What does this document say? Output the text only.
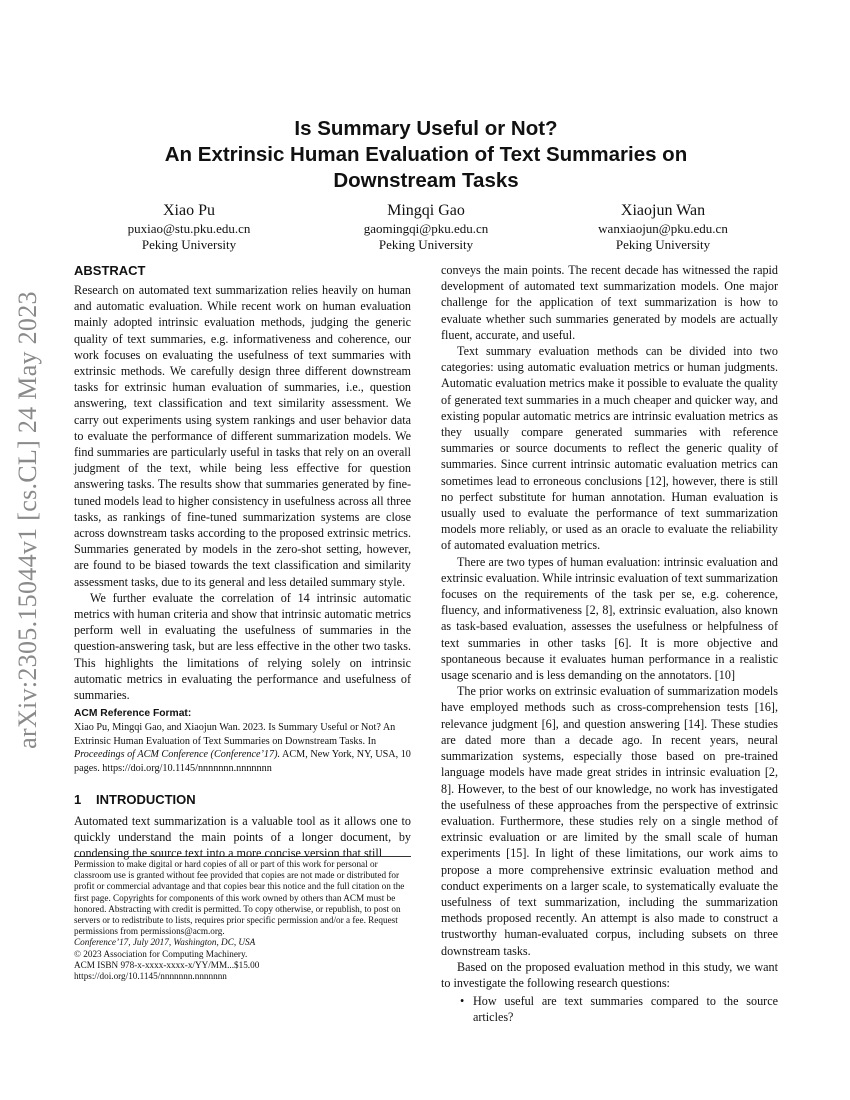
arXiv:2305.15044v1 [cs.CL] 24 May 2023
Is Summary Useful or Not?
An Extrinsic Human Evaluation of Text Summaries on
Downstream Tasks
Xiao Pu
puxiao@stu.pku.edu.cn
Peking University
Mingqi Gao
gaomingqi@pku.edu.cn
Peking University
Xiaojun Wan
wanxiaojun@pku.edu.cn
Peking University
ABSTRACT

Research on automated text summarization relies heavily on human and automatic evaluation. While recent work on human evaluation mainly adopted intrinsic evaluation methods, judging the generic quality of text summaries, e.g. informativeness and coherence, our work focuses on evaluating the usefulness of text summaries with extrinsic methods. We carefully design three different downstream tasks for extrinsic human evaluation of summaries, i.e., question answering, text classification and text similarity assessment. We carry out experiments using system rankings and user behavior data to evaluate the performance of different summarization models. We find summaries are particularly useful in tasks that rely on an overall judgment of the text, while being less effective for question answering tasks. The results show that summaries generated by fine-tuned models lead to higher consistency in usefulness across all three tasks, as rankings of fine-tuned summarization systems are close across downstream tasks according to the proposed extrinsic metrics. Summaries generated by models in the zero-shot setting, however, are found to be biased towards the text classification and similarity assessment tasks, due to its general and less detailed summary style.

We further evaluate the correlation of 14 intrinsic automatic metrics with human criteria and show that intrinsic automatic metrics perform well in evaluating the usefulness of summaries in the question-answering task, but are less effective in the other two tasks. This highlights the limitations of relying solely on intrinsic automatic metrics in evaluating the performance and usefulness of summaries.

ACM Reference Format:
Xiao Pu, Mingqi Gao, and Xiaojun Wan. 2023. Is Summary Useful or Not? An Extrinsic Human Evaluation of Text Summaries on Downstream Tasks. In Proceedings of ACM Conference (Conference’17). ACM, New York, NY, USA, 10 pages. https://doi.org/10.1145/nnnnnnn.nnnnnnn
1 INTRODUCTION

Automated text summarization is a valuable tool as it allows one to quickly understand the main points of a longer document, by condensing the source text into a more concise version that still

Permission to make digital or hard copies of all or part of this work for personal or classroom use is granted without fee provided that copies are not made or distributed for profit or commercial advantage and that copies bear this notice and the full citation on the first page. Copyrights for components of this work owned by others than ACM must be honored. Abstracting with credit is permitted. To copy otherwise, or republish, to post on servers or to redistribute to lists, requires prior specific permission and/or a fee. Request permissions from permissions@acm.org.
Conference’17, July 2017, Washington, DC, USA
© 2023 Association for Computing Machinery.
ACM ISBN 978-x-xxxx-xxxx-x/YY/MM...$15.00
https://doi.org/10.1145/nnnnnnn.nnnnnnn

conveys the main points. The recent decade has witnessed the rapid development of automated text summarization models. One major challenge for the application of text summarization is how to evaluate whether such summaries generated by models are actually fluent, accurate, and useful.

Text summary evaluation methods can be divided into two categories: using automatic evaluation metrics or human judgments. Automatic evaluation metrics make it possible to evaluate the quality of generated text summaries in a much cheaper and quicker way, and existing popular automatic metrics are intrinsic evaluation metrics as they usually compare generated summaries with reference summaries or source documents to reflect the generic quality of summaries. Since current intrinsic automatic evaluation metrics can sometimes lead to erroneous conclusions [12], however, there is still no perfect substitute for human annotation. Human evaluation is usually used to evaluate the performance of text summarization models more reliably, or used as an oracle to evaluate the reliability of automated evaluation metrics.

There are two types of human evaluation: intrinsic evaluation and extrinsic evaluation. While intrinsic evaluation of text summarization focuses on the requirements of the task per se, e.g. coherence, fluency, and informativeness [2, 8], extrinsic evaluation, also known as task-based evaluation, assesses the usefulness or helpfulness of text summaries in other tasks [6]. It is more objective and spontaneous because it evaluates human performance in a realistic usage scenario and is less demanding on the annotators. [10]

The prior works on extrinsic evaluation of summarization models have employed methods such as cross-comprehension tests [16], relevance judgment [6], and question answering [14]. These studies are dated more than a decade ago. In recent years, neural summarization systems, especially those based on pre-trained language models have made great strides in intrinsic evaluation [2, 8]. However, to the best of our knowledge, no work has investigated the usefulness of these approaches from the perspective of extrinsic evaluation. Furthermore, these studies rely on a single method of extrinsic evaluation or are limited by the small scale of human experiments [15]. In light of these limitations, our work aims to propose a more comprehensive extrinsic evaluation method and conduct experiments on a larger scale, to systematically evaluate the usefulness of text summarization, including the summarization methods proposed recently. An attempt is also made to construct a trustworthy human-evaluated corpus, including subsets on three downstream tasks.

Based on the proposed evaluation method in this study, we want to investigate the following research questions:

• How useful are text summaries compared to the source articles?
